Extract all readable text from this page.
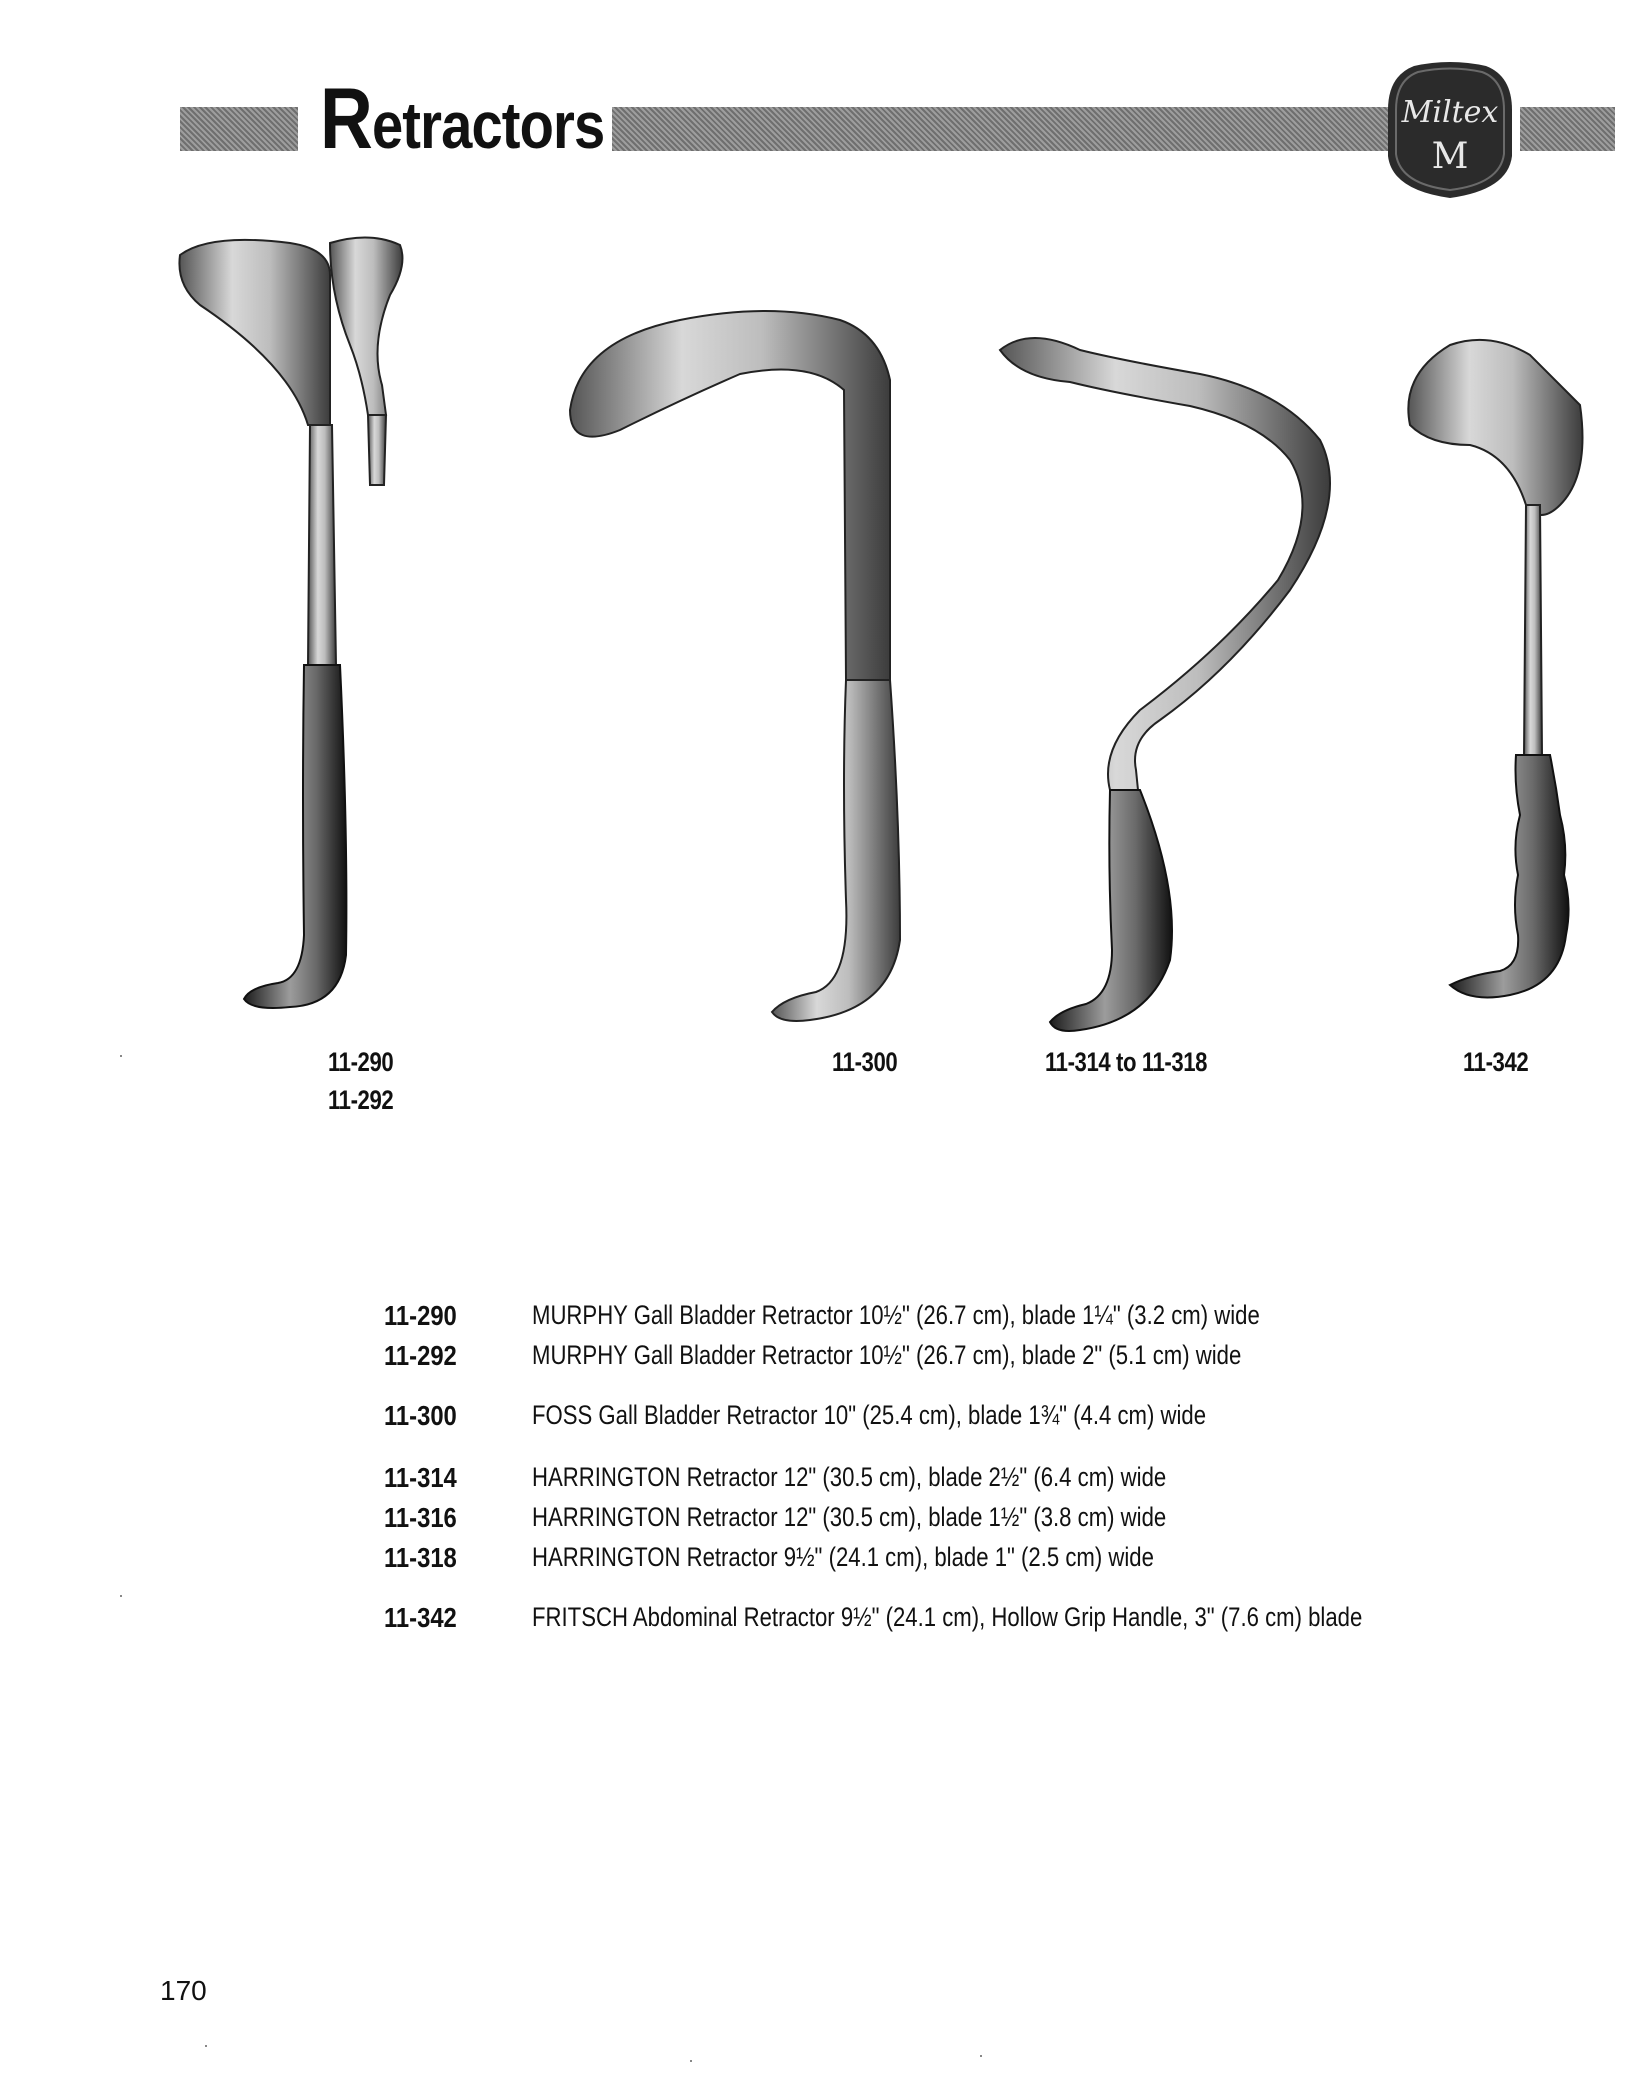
Retractors	Miltex
M
11-290
11-292
11-300	11-314 to 11-318	11-342
11-290	MURPHY Gall Bladder Retractor 10½" (26.7 cm), blade 1¼" (3.2 cm) wide
11-292	MURPHY Gall Bladder Retractor 10½" (26.7 cm), blade 2" (5.1 cm) wide
11-300	FOSS Gall Bladder Retractor 10" (25.4 cm), blade 1¾" (4.4 cm) wide
11-314	HARRINGTON Retractor 12" (30.5 cm), blade 2½" (6.4 cm) wide
11-316	HARRINGTON Retractor 12" (30.5 cm), blade 1½" (3.8 cm) wide
11-318	HARRINGTON Retractor 9½" (24.1 cm), blade 1" (2.5 cm) wide
11-342	FRITSCH Abdominal Retractor 9½" (24.1 cm), Hollow Grip Handle, 3" (7.6 cm) blade
170
